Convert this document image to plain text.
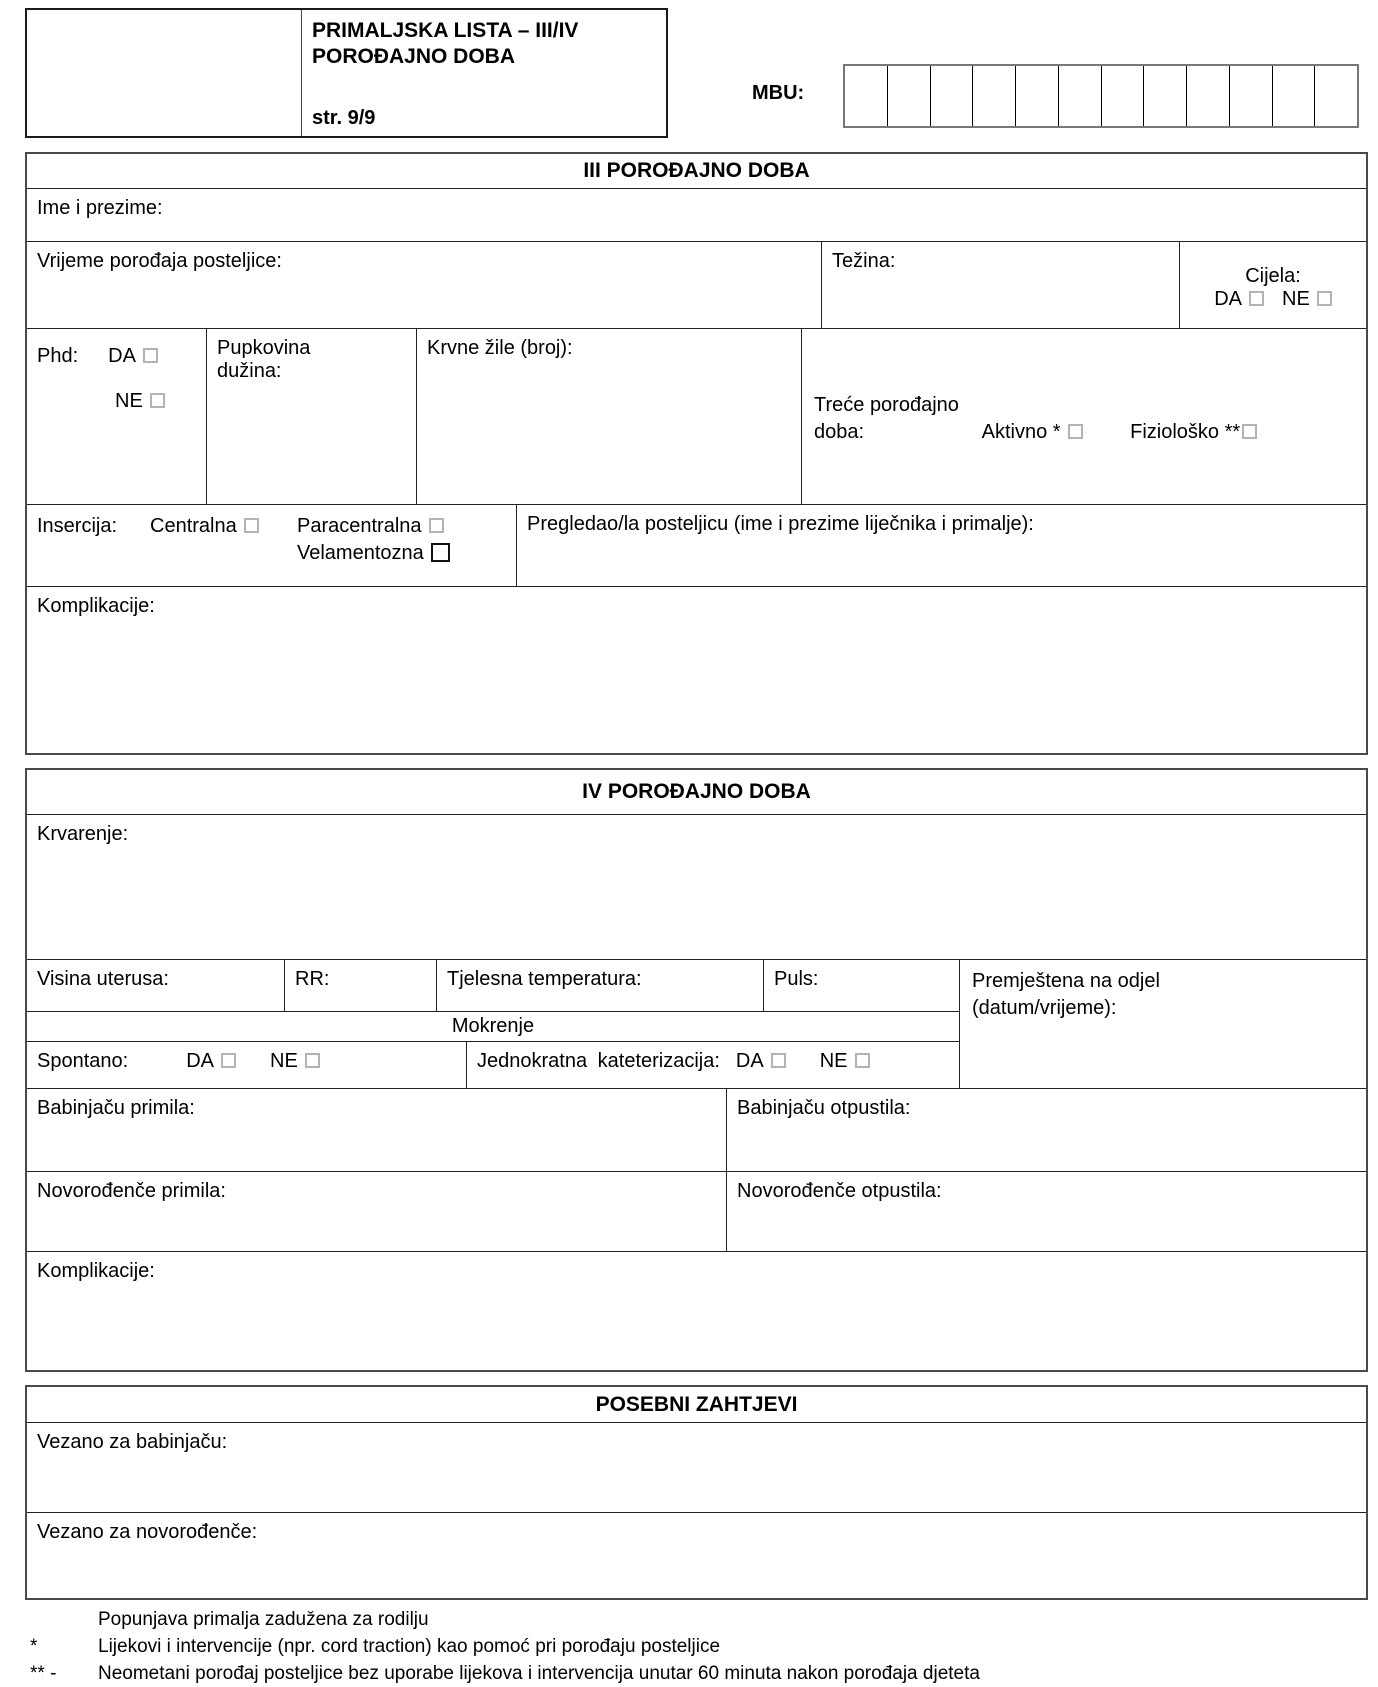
PRIMALJSKA LISTA – III/IV
POROĐAJNO DOBA
str. 9/9
MBU:
III POROĐAJNO DOBA
Ime i prezime:
Vrijeme porođaja posteljice:	Težina:
Cijela:
DA NE
Phd: DA
NE
Pupkovina
dužina:
Krvne žile (broj):
Treće porođajno
doba:	Aktivno *	Fiziološko **
Insercija:	Centralna	Paracentralna
Velamentozna
Pregledao/la posteljicu (ime i prezime liječnika i primalje):
Komplikacije:
IV POROĐAJNO DOBA
Krvarenje:
Visina uterusa:	RR:	Tjelesna temperatura:	Puls:
Mokrenje
Spontano:	DA	NE	Jednokratna kateterizacija: DA	NE
Premještena na odjel
(datum/vrijeme):
Babinjaču primila:	Babinjaču otpustila:
Novorođenče primila:	Novorođenče otpustila:
Komplikacije:
POSEBNI ZAHTJEVI
Vezano za babinjaču:
Vezano za novorođenče:
Popunjava primalja zadužena za rodilju
*	Lijekovi i intervencije (npr. cord traction) kao pomoć pri porođaju posteljice
** -	Neometani porođaj posteljice bez uporabe lijekova i intervencija unutar 60 minuta nakon porođaja djeteta
